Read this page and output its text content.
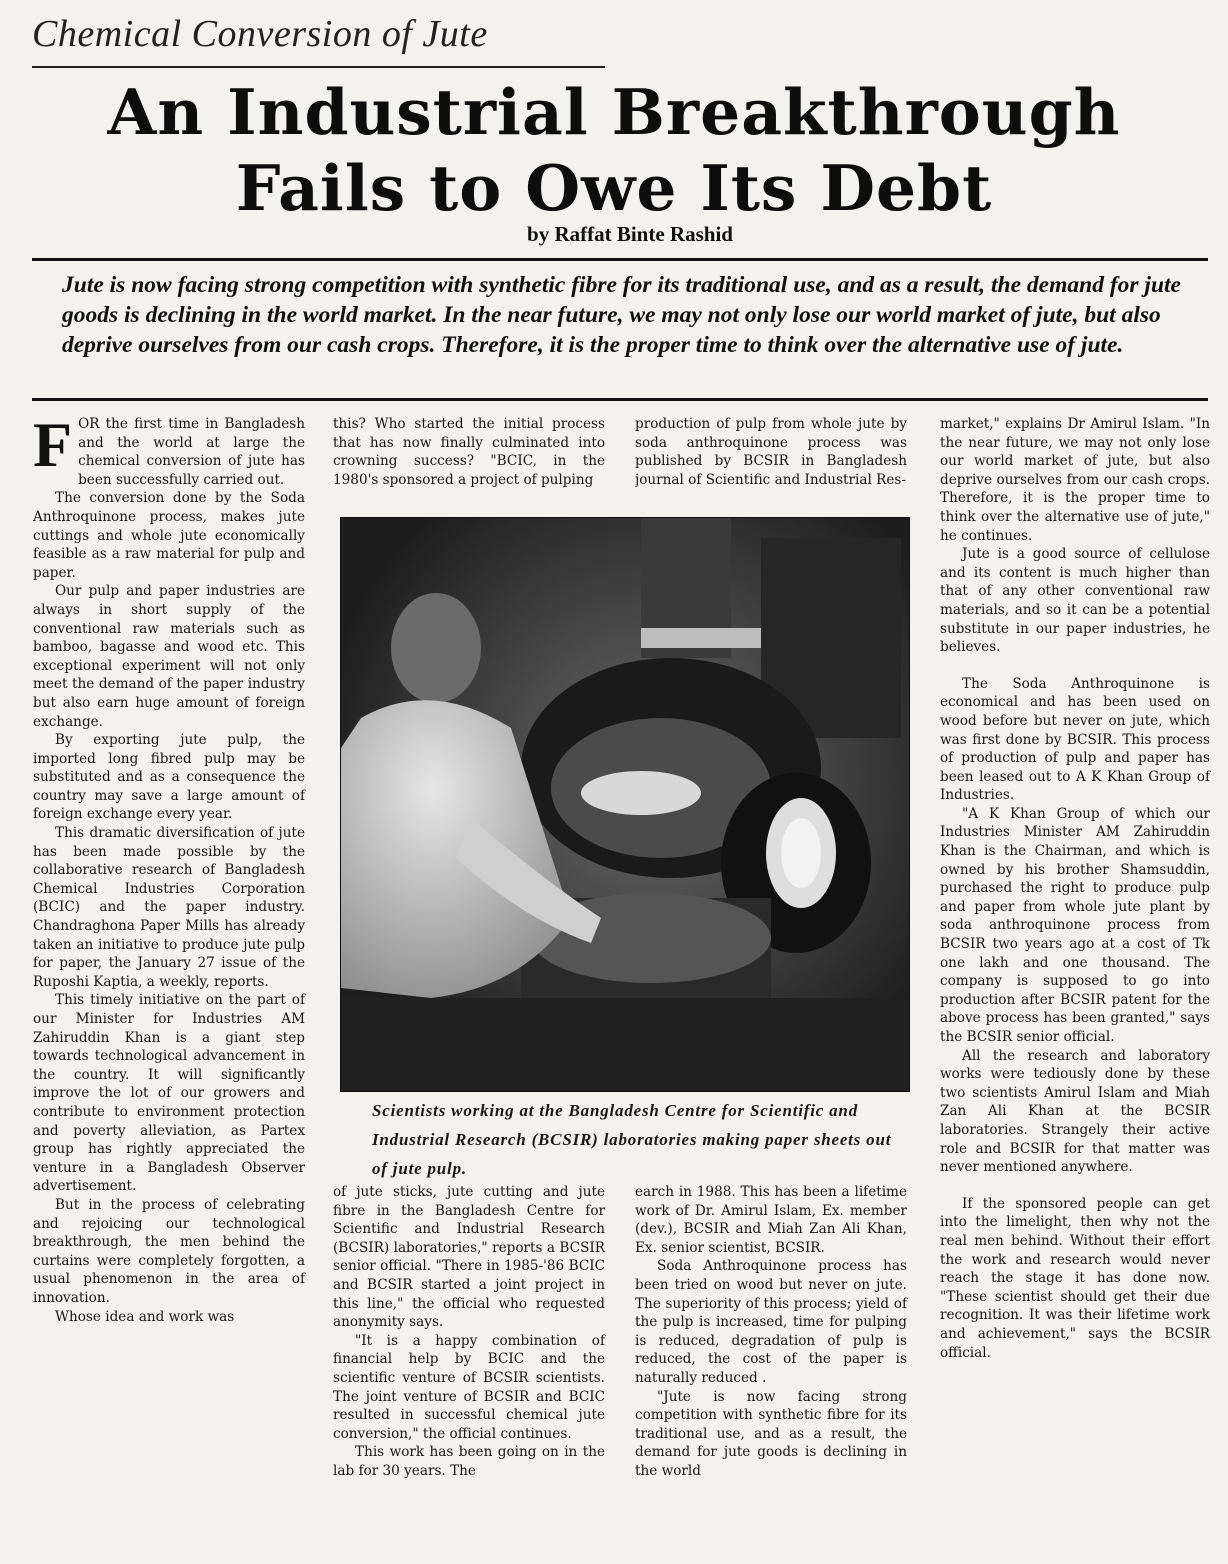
Chemical Conversion of Jute
An Industrial Breakthrough
Fails to Owe Its Debt
by Raffat Binte Rashid

Jute is now facing strong competition with synthetic fibre for its traditional use, and as a result, the demand for jute goods is declining in the world market. In the near future, we may not only lose our world market of jute, but also deprive ourselves from our cash crops. Therefore, it is the proper time to think over the alternative use of jute.

FOR the first time in Bangladesh and the world at large the chemical conversion of jute has been successfully carried out.

The conversion done by the Soda Anthroquinone process, makes jute cuttings and whole jute economically feasible as a raw material for pulp and paper.

Our pulp and paper industries are always in short supply of the conventional raw materials such as bamboo, bagasse and wood etc. This exceptional experiment will not only meet the demand of the paper industry but also earn huge amount of foreign exchange.

By exporting jute pulp, the imported long fibred pulp may be substituted and as a consequence the country may save a large amount of foreign exchange every year.

This dramatic diversification of jute has been made possible by the collaborative research of Bangladesh Chemical Industries Corporation (BCIC) and the paper industry. Chandraghona Paper Mills has already taken an initiative to produce jute pulp for paper, the January 27 issue of the Ruposhi Kaptia, a weekly, reports.

This timely initiative on the part of our Minister for Industries AM Zahiruddin Khan is a giant step towards technological advancement in the country. It will significantly improve the lot of our growers and contribute to environment protection and poverty alleviation, as Partex group has rightly appreciated the venture in a Bangladesh Observer advertisement.

But in the process of celebrating and rejoicing our technological breakthrough, the men behind the curtains were completely forgotten, a usual phenomenon in the area of innovation.

Whose idea and work was

this? Who started the initial process that has now finally culminated into crowning success? "BCIC, in the 1980's sponsored a project of pulping

production of pulp from whole jute by soda anthroquinone process was published by BCSIR in Bangladesh journal of Scientific and Industrial Res-

Scientists working at the Bangladesh Centre for Scientific and Industrial Research (BCSIR) laboratories making paper sheets out of jute pulp.

of jute sticks, jute cutting and jute fibre in the Bangladesh Centre for Scientific and Industrial Research (BCSIR) laboratories," reports a BCSIR senior official. "There in 1985-'86 BCIC and BCSIR started a joint project in this line," the official who requested anonymity says.

"It is a happy combination of financial help by BCIC and the scientific venture of BCSIR scientists. The joint venture of BCSIR and BCIC resulted in successful chemical jute conversion," the official continues.

This work has been going on in the lab for 30 years. The

earch in 1988. This has been a lifetime work of Dr. Amirul Islam, Ex. member (dev.), BCSIR and Miah Zan Ali Khan, Ex. senior scientist, BCSIR.

Soda Anthroquinone process has been tried on wood but never on jute. The superiority of this process; yield of the pulp is increased, time for pulping is reduced, degradation of pulp is reduced, the cost of the paper is naturally reduced .

"Jute is now facing strong competition with synthetic fibre for its traditional use, and as a result, the demand for jute goods is declining in the world

market," explains Dr Amirul Islam. "In the near future, we may not only lose our world market of jute, but also deprive ourselves from our cash crops. Therefore, it is the proper time to think over the alternative use of jute," he continues.

Jute is a good source of cellulose and its content is much higher than that of any other conventional raw materials, and so it can be a potential substitute in our paper industries, he believes.

The Soda Anthroquinone is economical and has been used on wood before but never on jute, which was first done by BCSIR. This process of production of pulp and paper has been leased out to A K Khan Group of Industries.

"A K Khan Group of which our Industries Minister AM Zahiruddin Khan is the Chairman, and which is owned by his brother Shamsuddin, purchased the right to produce pulp and paper from whole jute plant by soda anthroquinone process from BCSIR two years ago at a cost of Tk one lakh and one thousand. The company is supposed to go into production after BCSIR patent for the above process has been granted," says the BCSIR senior official.

All the research and laboratory works were tediously done by these two scientists Amirul Islam and Miah Zan Ali Khan at the BCSIR laboratories. Strangely their active role and BCSIR for that matter was never mentioned anywhere.

If the sponsored people can get into the limelight, then why not the real men behind. Without their effort the work and research would never reach the stage it has done now. "These scientist should get their due recognition. It was their lifetime work and achievement," says the BCSIR official.
